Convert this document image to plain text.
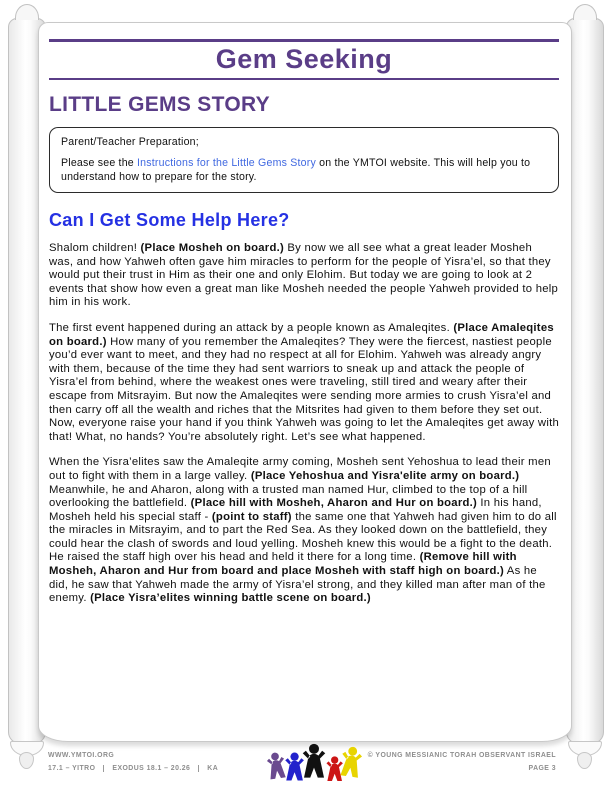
Gem Seeking
LITTLE GEMS STORY

Parent/Teacher Preparation;

Please see the Instructions for the Little Gems Story on the YMTOI website. This will help you to understand how to prepare for the story.

Can I Get Some Help Here?

Shalom children! (Place Mosheh on board.) By now we all see what a great leader Mosheh was, and how Yahweh often gave him miracles to perform for the people of Yisra’el, so that they would put their trust in Him as their one and only Elohim. But today we are going to look at 2 events that show how even a great man like Mosheh needed the people Yahweh provided to help him in his work.

The first event happened during an attack by a people known as Amaleqites. (Place Amaleqites on board.) How many of you remember the Amaleqites? They were the fiercest, nastiest people you’d ever want to meet, and they had no respect at all for Elohim. Yahweh was already angry with them, because of the time they had sent warriors to sneak up and attack the people of Yisra’el from behind, where the weakest ones were traveling, still tired and weary after their escape from Mitsrayim. But now the Amaleqites were sending more armies to crush Yisra’el and then carry off all the wealth and riches that the Mitsrites had given to them before they set out. Now, everyone raise your hand if you think Yahweh was going to let the Amaleqites get away with that! What, no hands? You’re absolutely right. Let’s see what happened.

When the Yisra’elites saw the Amaleqite army coming, Mosheh sent Yehoshua to lead their men out to fight with them in a large valley. (Place Yehoshua and Yisra'elite army on board.) Meanwhile, he and Aharon, along with a trusted man named Hur, climbed to the top of a hill overlooking the battlefield. (Place hill with Mosheh, Aharon and Hur on board.) In his hand, Mosheh held his special staff - (point to staff) the same one that Yahweh had given him to do all the miracles in Mitsrayim, and to part the Red Sea. As they looked down on the battlefield, they could hear the clash of swords and loud yelling. Mosheh knew this would be a fight to the death. He raised the staff high over his head and held it there for a long time. (Remove hill with Mosheh, Aharon and Hur from board and place Mosheh with staff high on board.) As he did, he saw that Yahweh made the army of Yisra’el strong, and they killed man after man of the enemy. (Place Yisra’elites winning battle scene on board.)

WWW.YMTOI.ORG
17.1 – YITRO EXODUS 18.1 – 20.26 KA
© YOUNG MESSIANIC TORAH OBSERVANT ISRAEL
PAGE 3
